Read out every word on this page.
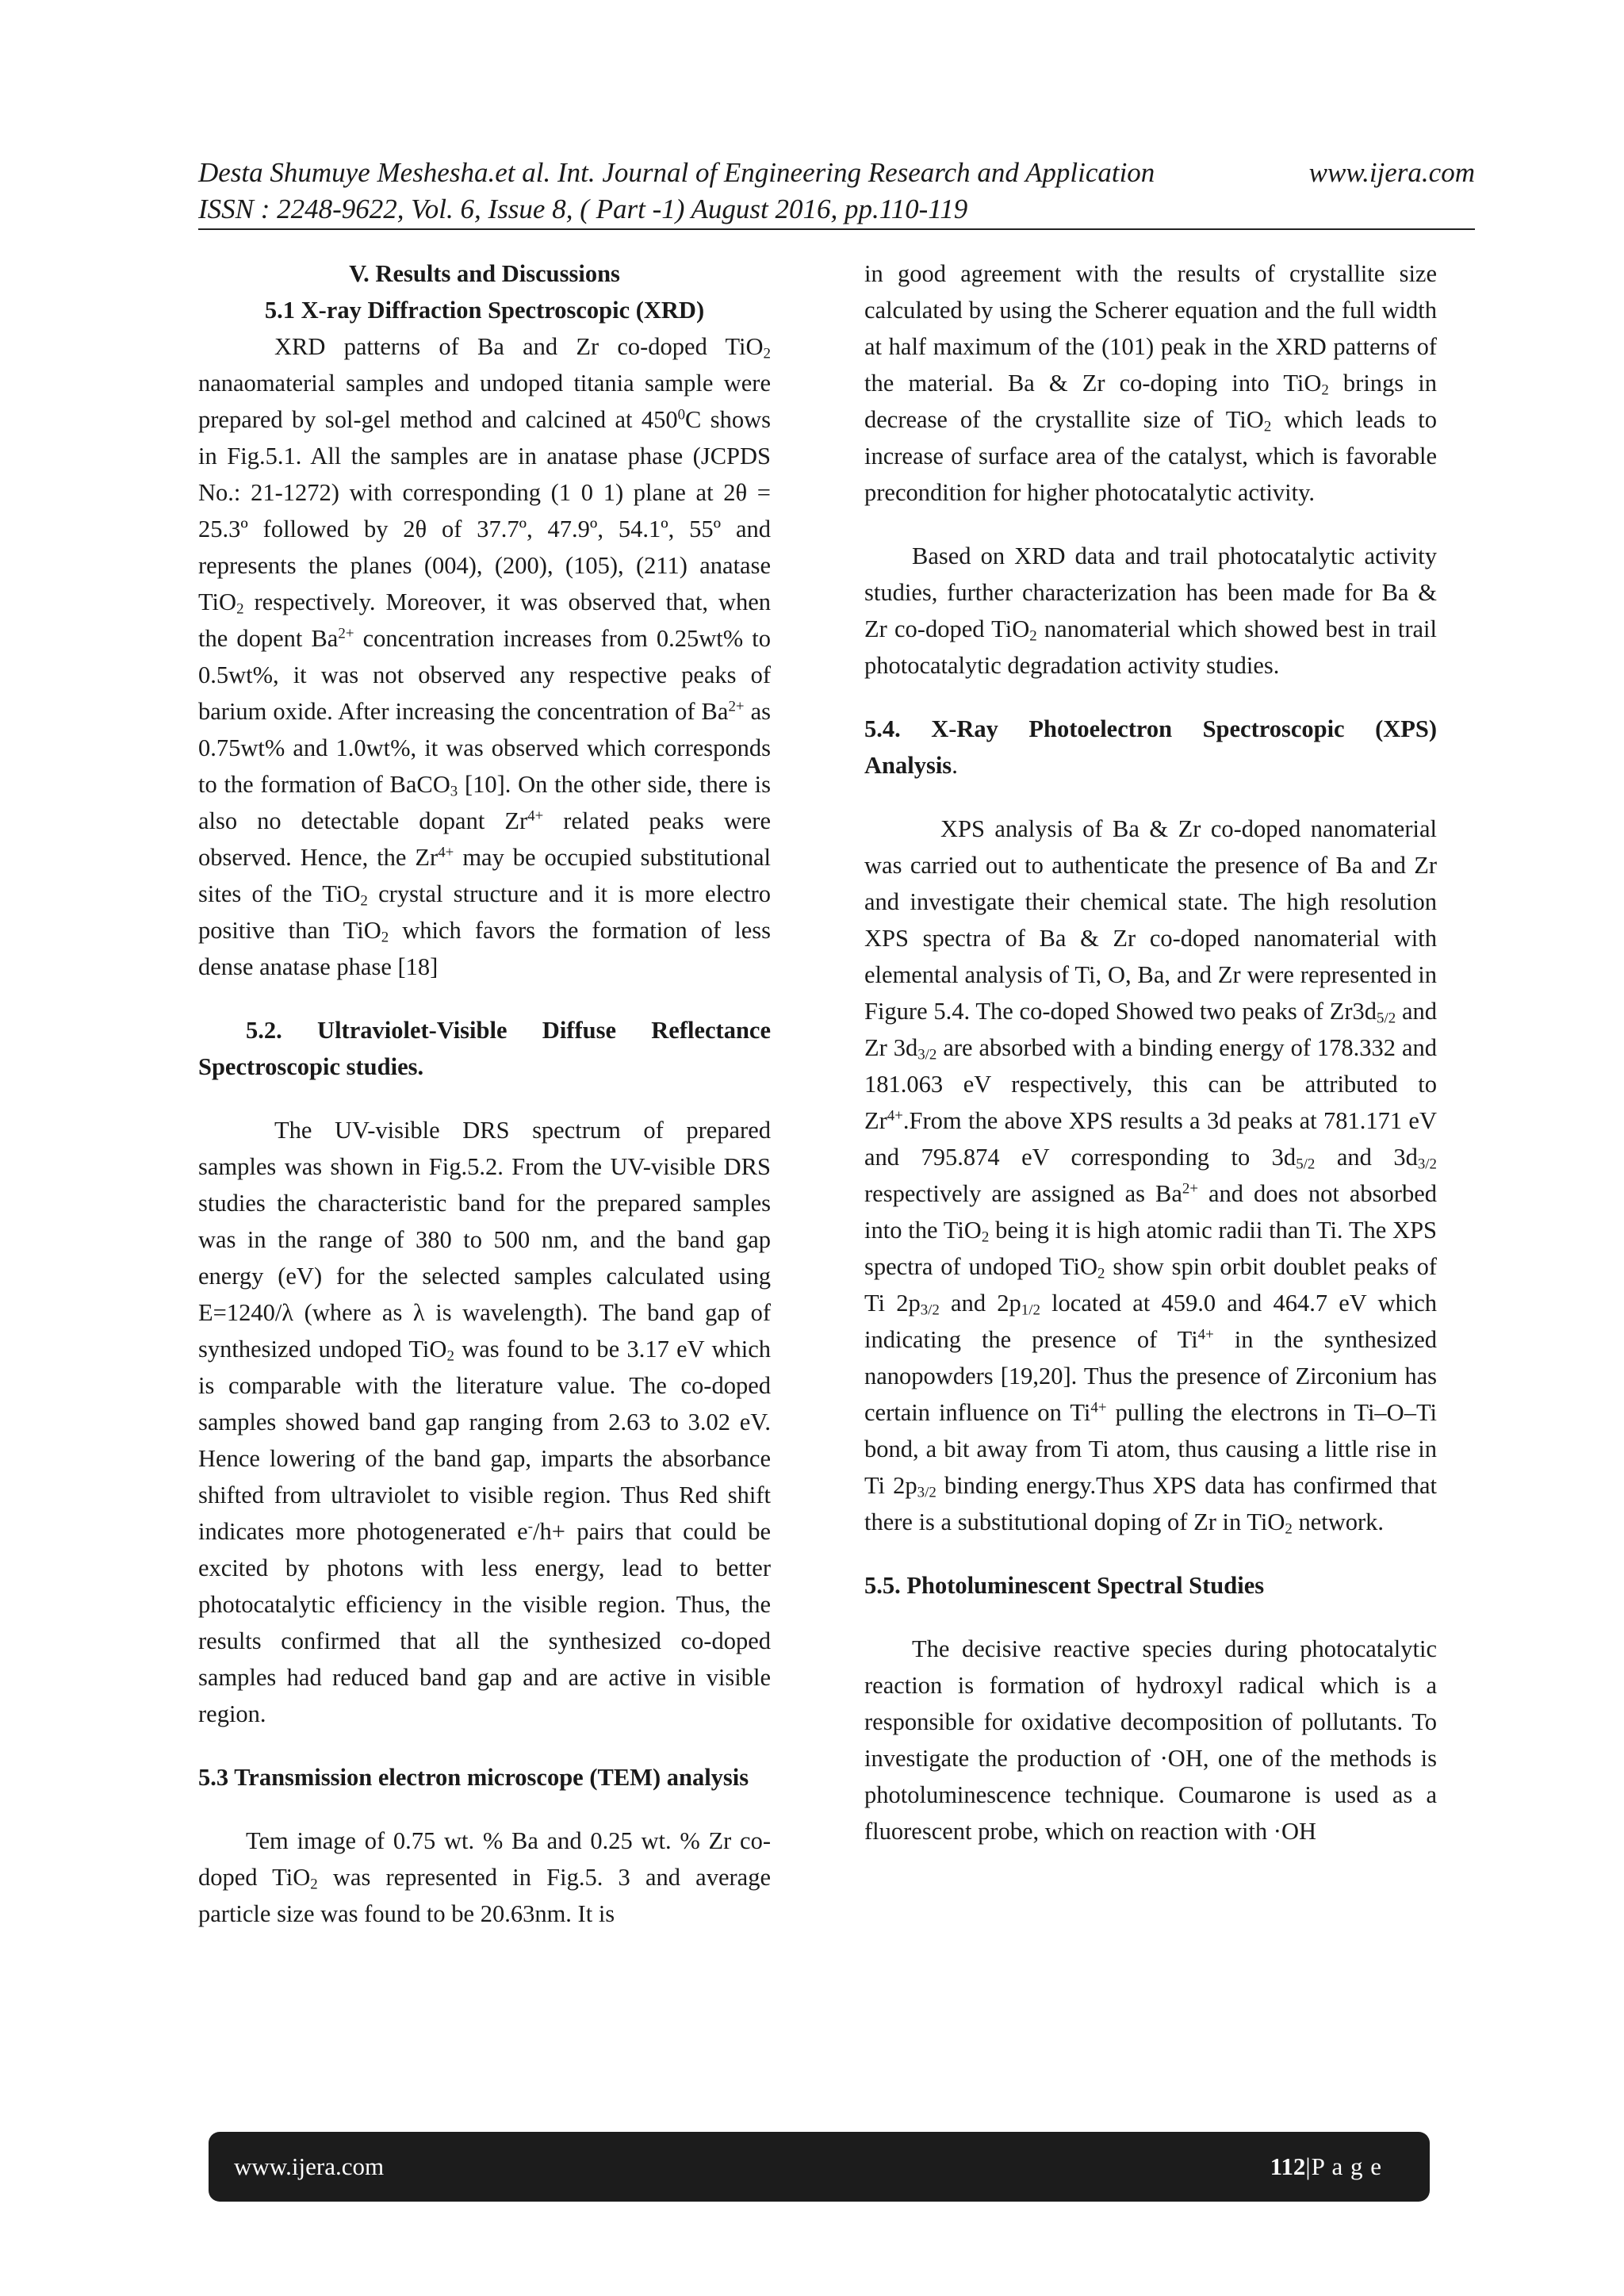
Desta Shumuye Meshesha.et al. Int. Journal of Engineering Research and Application	www.ijera.com
ISSN : 2248-9622, Vol. 6, Issue 8, ( Part -1) August 2016, pp.110-119
V. Results and Discussions
5.1 X-ray Diffraction Spectroscopic (XRD)

XRD patterns of Ba and Zr co-doped TiO$_2$ nanaomaterial samples and undoped titania sample were prepared by sol-gel method and calcined at $450^0C$ shows in Fig.5.1. All the samples are in anatase phase (JCPDS No.: 21-1272) with corresponding (1 0 1) plane at 2θ = 25.3º followed by 2θ of 37.7º, 47.9º, 54.1º, 55º and represents the planes (004), (200), (105), (211) anatase TiO$_2$ respectively. Moreover, it was observed that, when the dopent $Ba^{2+}$ concentration increases from 0.25wt% to 0.5wt%, it was not observed any respective peaks of barium oxide. After increasing the concentration of $Ba^{2+}$ as 0.75wt% and 1.0wt%, it was observed which corresponds to the formation of BaCO$_3$ [10]. On the other side, there is also no detectable dopant $Zr^{4+}$ related peaks were observed. Hence, the $Zr^{4+}$ may be occupied substitutional sites of the TiO$_2$ crystal structure and it is more electro positive than TiO$_2$ which favors the formation of less dense anatase phase [18]

5.2. Ultraviolet-Visible Diffuse Reflectance Spectroscopic studies.

The UV-visible DRS spectrum of prepared samples was shown in Fig.5.2. From the UV-visible DRS studies the characteristic band for the prepared samples was in the range of 380 to 500 nm, and the band gap energy (eV) for the selected samples calculated using E=1240/λ (where as λ is wavelength). The band gap of synthesized undoped TiO$_2$ was found to be 3.17 eV which is comparable with the literature value. The co-doped samples showed band gap ranging from 2.63 to 3.02 eV. Hence lowering of the band gap, imparts the absorbance shifted from ultraviolet to visible region. Thus Red shift indicates more photogenerated e-/h+ pairs that could be excited by photons with less energy, lead to better photocatalytic efficiency in the visible region. Thus, the results confirmed that all the synthesized co-doped samples had reduced band gap and are active in visible region.

5.3 Transmission electron microscope (TEM) analysis

Tem image of 0.75 wt. % Ba and 0.25 wt. % Zr co-doped TiO$_2$ was represented in Fig.5. 3 and average particle size was found to be 20.63nm. It is

in good agreement with the results of crystallite size calculated by using the Scherer equation and the full width at half maximum of the (101) peak in the XRD patterns of the material. Ba & Zr co-doping into TiO$_2$ brings in decrease of the crystallite size of TiO$_2$ which leads to increase of surface area of the catalyst, which is favorable precondition for higher photocatalytic activity.

Based on XRD data and trail photocatalytic activity studies, further characterization has been made for Ba & Zr co-doped TiO$_2$ nanomaterial which showed best in trail photocatalytic degradation activity studies.

5.4. X-Ray Photoelectron Spectroscopic (XPS) Analysis.

XPS analysis of Ba & Zr co-doped nanomaterial was carried out to authenticate the presence of Ba and Zr and investigate their chemical state. The high resolution XPS spectra of Ba & Zr co-doped nanomaterial with elemental analysis of Ti, O, Ba, and Zr were represented in Figure 5.4. The co-doped Showed two peaks of $Zr3d_{5/2}$ and Zr $3d_{3/2}$ are absorbed with a binding energy of 178.332 and 181.063 eV respectively, this can be attributed to $Zr^{4+}.From$ the above XPS results a 3d peaks at 781.171 eV and 795.874 eV corresponding to $3d_{5/2}$ and $3d_{3/2}$ respectively are assigned as $Ba^{2+}$ and does not absorbed into the TiO$_2$ being it is high atomic radii than Ti. The XPS spectra of undoped TiO$_2$ show spin orbit doublet peaks of Ti $2p_{3/2}$ and $2p_{1/2}$ located at 459.0 and 464.7 eV which indicating the presence of $Ti^{4+}$ in the synthesized nanopowders [19,20]. Thus the presence of Zirconium has certain influence on $Ti^{4+}$ pulling the electrons in Ti–O–Ti bond, a bit away from Ti atom, thus causing a little rise in Ti $2p_{3/2}$ binding energy.Thus XPS data has confirmed that there is a substitutional doping of Zr in TiO$_2$ network.

5.5. Photoluminescent Spectral Studies

The decisive reactive species during photocatalytic reaction is formation of hydroxyl radical which is a responsible for oxidative decomposition of pollutants. To investigate the production of ·OH, one of the methods is photoluminescence technique. Coumarone is used as a fluorescent probe, which on reaction with ·OH

www.ijera.com	112|P a g e
